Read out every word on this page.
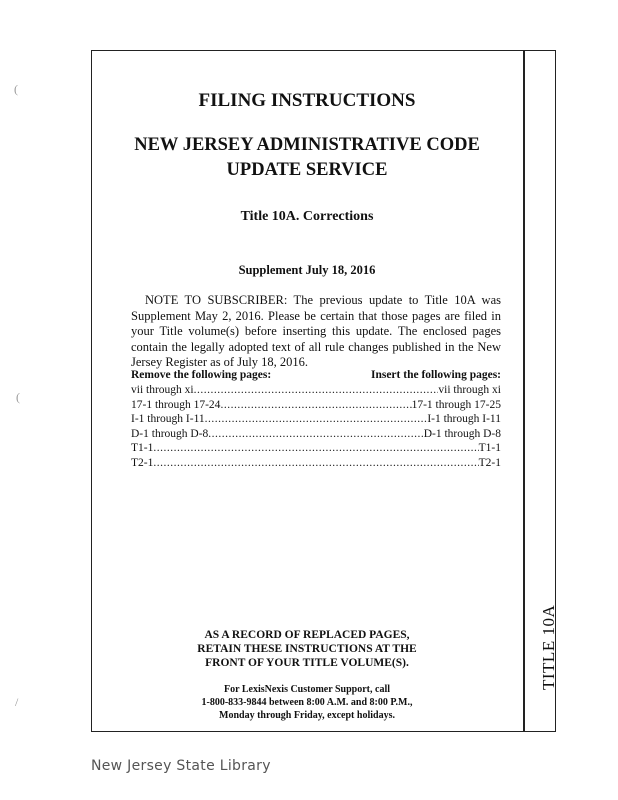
TITLE 10A
(
(
/
FILING INSTRUCTIONS
NEW JERSEY ADMINISTRATIVE CODE
UPDATE SERVICE
Title 10A. Corrections
Supplement July 18, 2016
NOTE TO SUBSCRIBER: The previous update to Title 10A was Supplement May 2, 2016. Please be certain that those pages are filed in your Title volume(s) before inserting this update. The enclosed pages contain the legally adopted text of all rule changes published in the New Jersey Register as of July 18, 2016.
Remove the following pages:	Insert the following pages:
vii through xi .....	vii through xi
17-1 through 17-24 .....	17-1 through 17-25
I-1 through I-11 .....	I-1 through I-11
D-1 through D-8 .....	D-1 through D-8
T1-1 .....	T1-1
T2-1 .....	T2-1
AS A RECORD OF REPLACED PAGES,
RETAIN THESE INSTRUCTIONS AT THE
FRONT OF YOUR TITLE VOLUME(S).
For LexisNexis Customer Support, call
1-800-833-9844 between 8:00 A.M. and 8:00 P.M.,
Monday through Friday, except holidays.
New Jersey State Library
